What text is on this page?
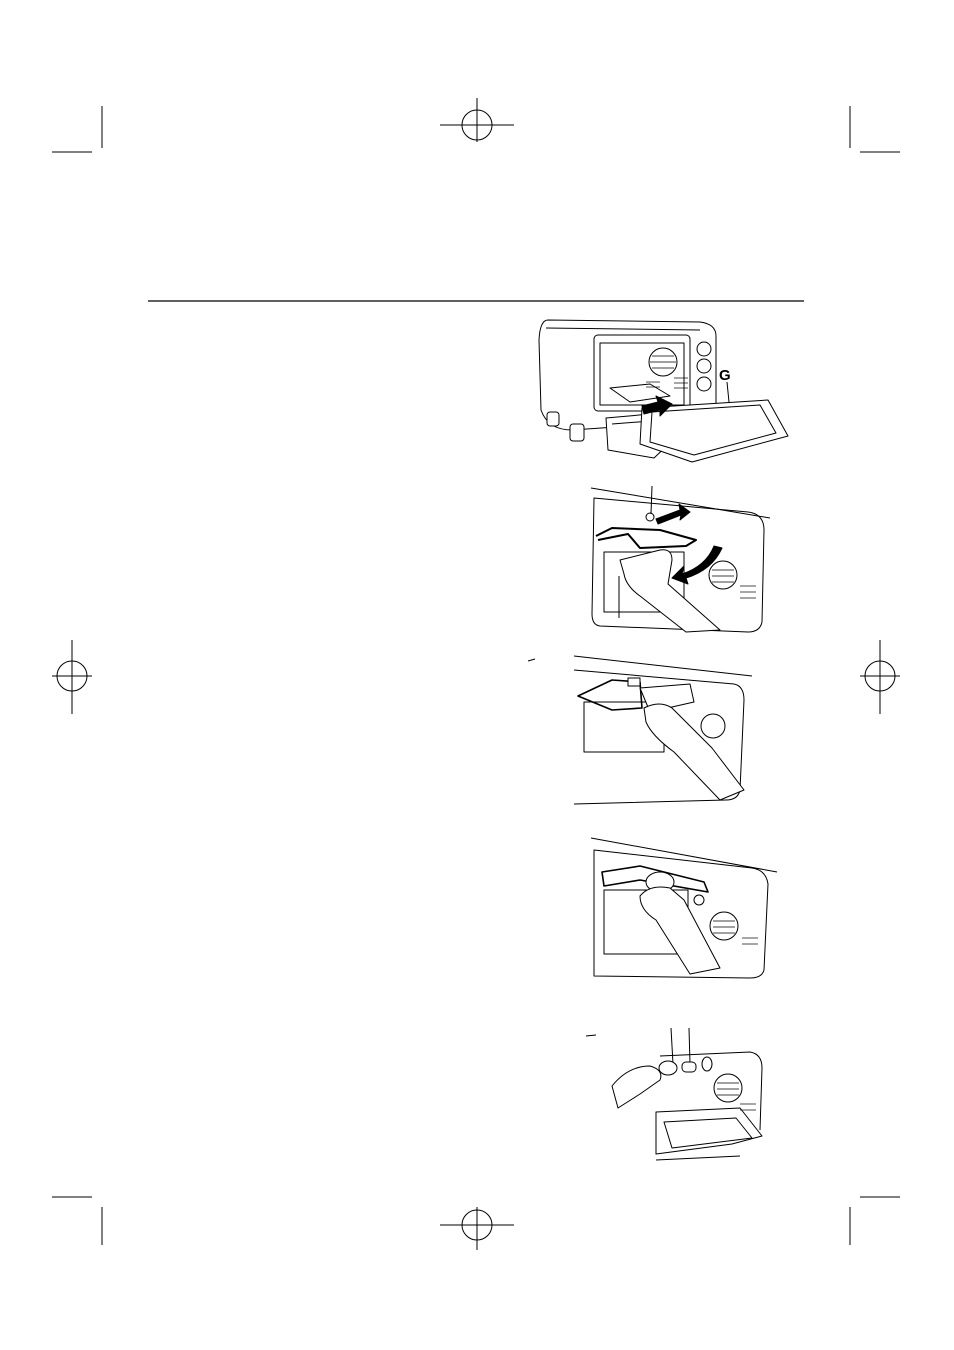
G
